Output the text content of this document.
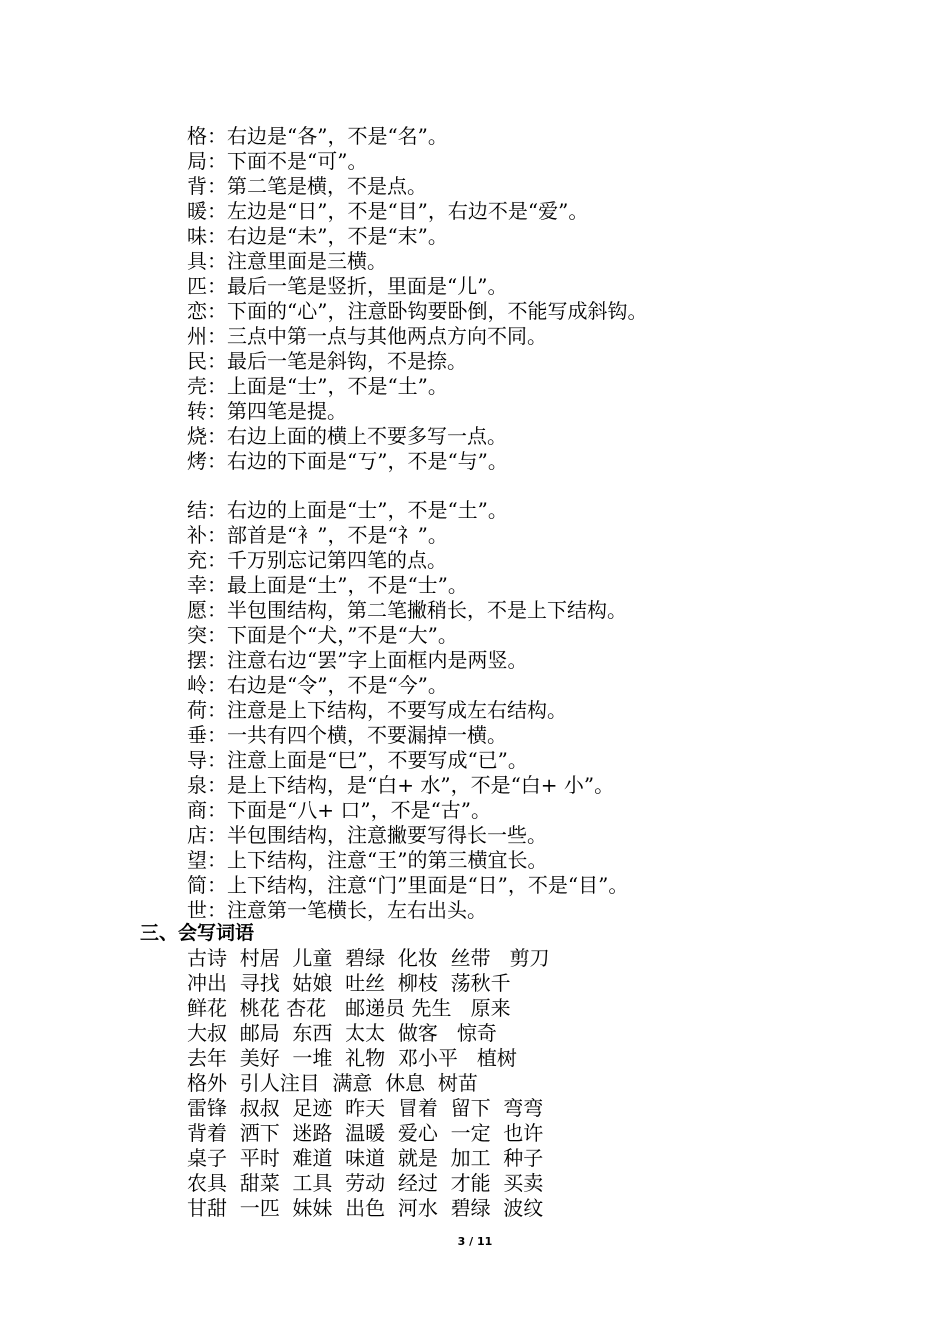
格：右边是“各”，不是“名”。
局：下面不是“可”。
背：第二笔是横，不是点。
暖：左边是“日”，不是“目”，右边不是“爱”。
味：右边是“未”，不是“末”。
具：注意里面是三横。
匹：最后一笔是竖折，里面是“儿”。
恋：下面的“心”，注意卧钩要卧倒，不能写成斜钩。
州：三点中第一点与其他两点方向不同。
民：最后一笔是斜钩，不是捺。
壳：上面是“士”，不是“土”。
转：第四笔是提。
烧：右边上面的横上不要多写一点。
烤：右边的下面是“丂”，不是“与”。
结：右边的上面是“士”，不是“土”。
补：部首是“衤”，不是“礻”。
充：千万别忘记第四笔的点。
幸：最上面是“土”，不是“士”。
愿：半包围结构，第二笔撇稍长，不是上下结构。
突：下面是个“犬，”不是“大”。
摆：注意右边“罢”字上面框内是两竖。
岭：右边是“令”，不是“今”。
荷：注意是上下结构，不要写成左右结构。
垂：一共有四个横，不要漏掉一横。
导：注意上面是“巳”，不要写成“已”。
泉：是上下结构，是“白+ 水”，不是“白+ 小”。
商：下面是“八+ 口”，不是“古”。
店：半包围结构，注意撇要写得长一些。
望：上下结构，注意“王”的第三横宜长。
简：上下结构，注意“门”里面是“日”，不是“目”。
世：注意第一笔横长，左右出头。
三、会写词语
古诗  村居  儿童  碧绿  化妆  丝带   剪刀
冲出  寻找  姑娘  吐丝  柳枝  荡秋千
鲜花  桃花 杏花   邮递员 先生   原来
大叔  邮局  东西  太太  做客   惊奇
去年  美好  一堆  礼物  邓小平   植树
格外  引人注目  满意  休息  树苗
雷锋  叔叔  足迹  昨天  冒着  留下  弯弯
背着  洒下  迷路  温暖  爱心  一定  也许
桌子  平时  难道  味道  就是  加工  种子
农具  甜菜  工具  劳动  经过  才能  买卖
甘甜  一匹  妹妹  出色  河水  碧绿  波纹
3 / 11
